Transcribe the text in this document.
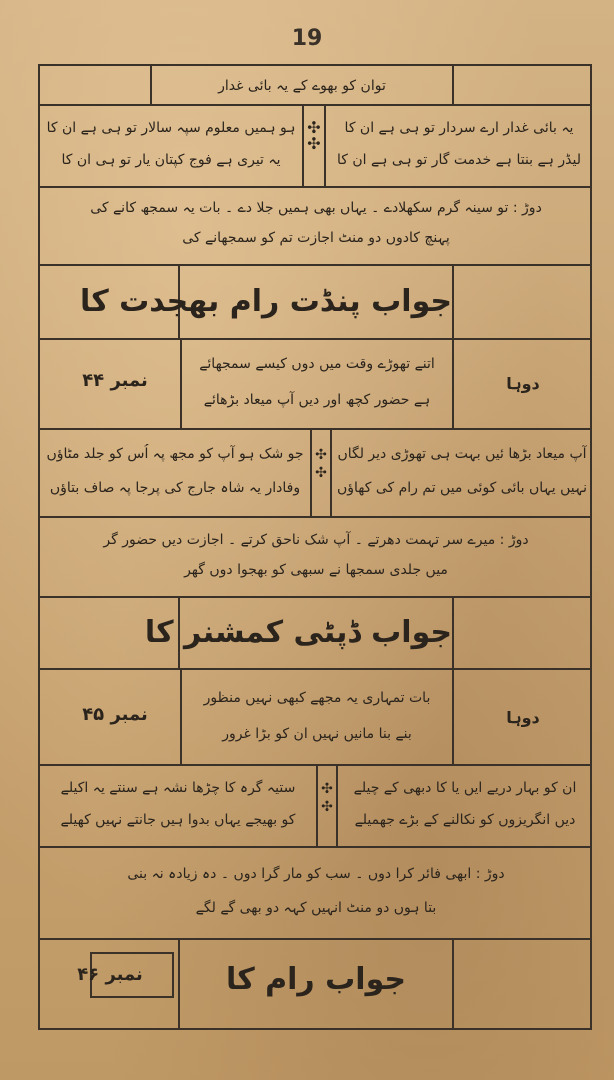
19
توان کو بھوے کے یہ بائی غدار
ہو ہمیں معلوم سپہ سالار تو ہی ہے ان کا
یہ تیری ہے فوج کپتان یار تو ہی ان کا
✣
✣
یہ بائی غدار ارے سردار تو ہی ہے ان کا
لیڈر ہے بنتا ہے خدمت گار تو ہی ہے ان کا
دوڑ : تو سینہ گرم سکھلادے ۔ یہاں بھی ہمیں جلا دے ۔ بات یہ سمجھ کانے کی
پہنچ کادوں دو منٹ اجازت تم کو سمجھانے کی
جواب پنڈت رام بھجدت کا
نمبر ۴۴
اتنے تھوڑے وقت میں دوں کیسے سمجھائے
ہے حضور کچھ اور دیں آپ میعاد بڑھائے
دوہا
جو شک ہو آپ کو مجھ پہ اُس کو جلد مٹاؤں
وفادار یہ شاہ جارج کی پرجا پہ صاف بتاؤں
✣
✣
آپ میعاد بڑھا ئیں بہت ہی تھوڑی دیر لگاں
نہیں یہاں بائی کوئی میں تم رام کی کھاؤں
دوڑ : میرے سر تہمت دھرتے ۔ آپ شک ناحق کرتے ۔ اجازت دیں حضور گر
میں جلدی سمجھا نے سبھی کو بھجوا دوں گھر
جواب ڈپٹی کمشنر کا
نمبر ۴۵
بات تمہاری یہ مجھے کبھی نہیں منظور
بنے بنا مانیں نہیں ان کو بڑا غرور
دوہا
ستیہ گرہ کا چڑھا نشہ ہے سنتے یہ اکیلے
کو بھیجے یہاں بدوا ہیں جانتے نہیں کھیلے
✣
✣
ان کو بہار دریے ایں یا کا دبھی کے چیلے
دیں انگریزوں کو نکالنے کے بڑے جھمیلے
دوڑ : ابھی فائر کرا دوں ۔ سب کو مار گرا دوں ۔ دہ زیادہ نہ بنی
بتا ہوں دو منٹ انہیں کہہ دو بھی گے لگے
نمبر ۴۶	جواب رام کا
